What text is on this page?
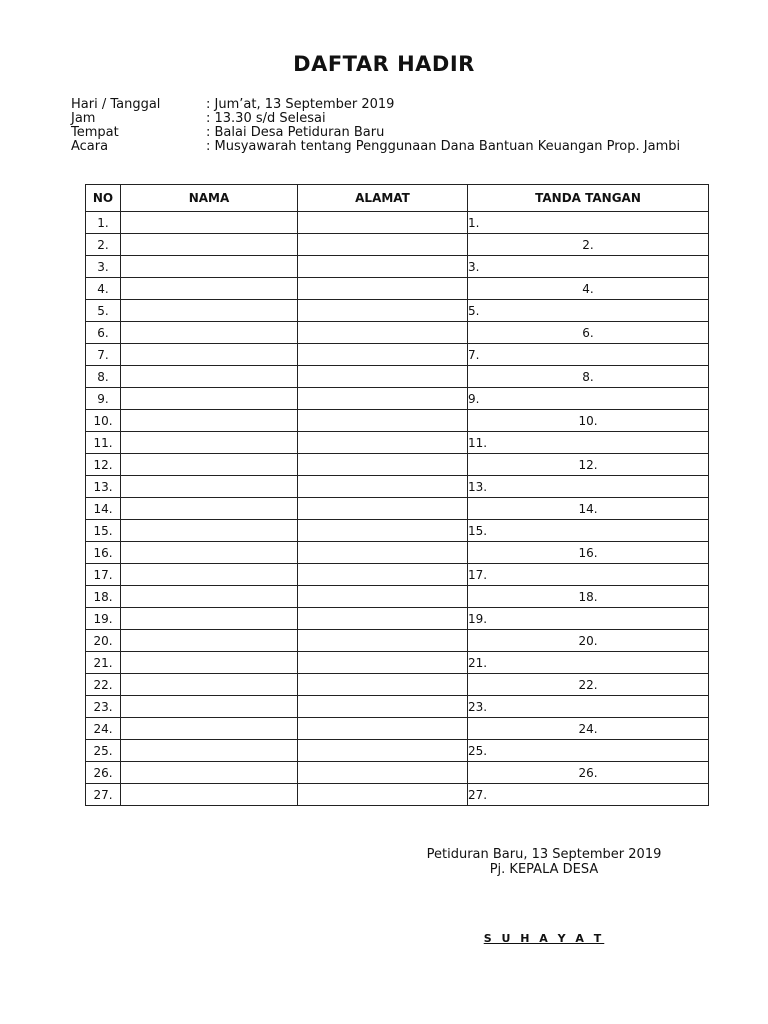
DAFTAR HADIR
Hari / Tanggal	: Jum’at, 13 September 2019
Jam	: 13.30 s/d Selesai
Tempat	: Balai Desa Petiduran Baru
Acara	: Musyawarah tentang Penggunaan Dana Bantuan Keuangan Prop. Jambi
NO	NAMA	ALAMAT	TANDA TANGAN
1.			1.
2.			2.
3.			3.
4.			4.
5.			5.
6.			6.
7.			7.
8.			8.
9.			9.
10.			10.
11.			11.
12.			12.
13.			13.
14.			14.
15.			15.
16.			16.
17.			17.
18.			18.
19.			19.
20.			20.
21.			21.
22.			22.
23.			23.
24.			24.
25.			25.
26.			26.
27.			27.
Petiduran Baru, 13 September 2019
Pj. KEPALA DESA
S U H A Y A T
